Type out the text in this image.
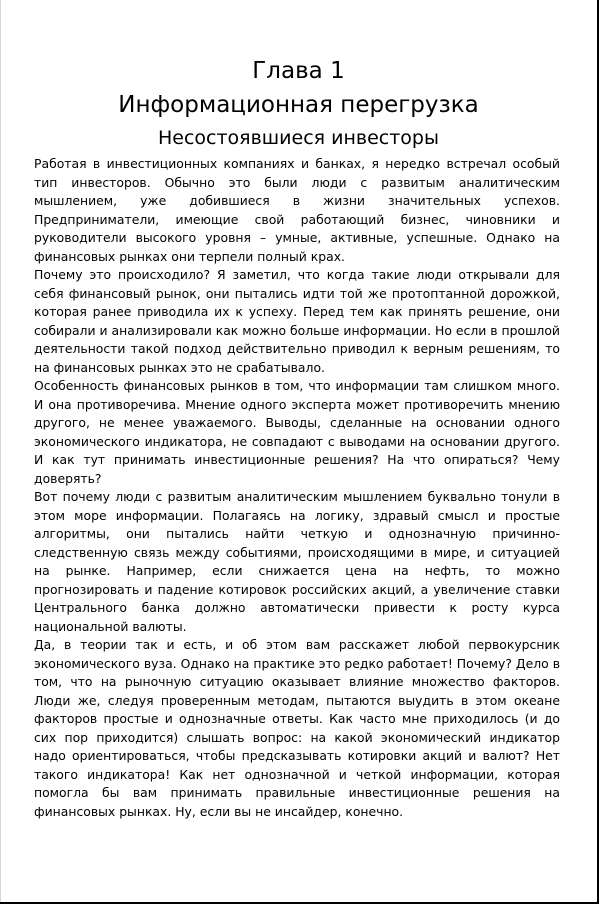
Глава 1
Информационная перегрузка
Несостоявшиеся инвесторы

Работая в инвестиционных компаниях и банках, я нередко встречал особый тип инвесторов. Обычно это были люди с развитым аналитическим мышлением, уже добившиеся в жизни значительных успехов. Предприниматели, имеющие свой работающий бизнес, чиновники и руководители высокого уровня – умные, активные, успешные. Однако на финансовых рынках они терпели полный крах.

Почему это происходило? Я заметил, что когда такие люди открывали для себя финансовый рынок, они пытались идти той же протоптанной дорожкой, которая ранее приводила их к успеху. Перед тем как принять решение, они собирали и анализировали как можно больше информации. Но если в прошлой деятельности такой подход действительно приводил к верным решениям, то на финансовых рынках это не срабатывало.

Особенность финансовых рынков в том, что информации там слишком много. И она противоречива. Мнение одного эксперта может противоречить мнению другого, не менее уважаемого. Выводы, сделанные на основании одного экономического индикатора, не совпадают с выводами на основании другого. И как тут принимать инвестиционные решения? На что опираться? Чему доверять?

Вот почему люди с развитым аналитическим мышлением буквально тонули в этом море информации. Полагаясь на логику, здравый смысл и простые алгоритмы, они пытались найти четкую и однозначную причинно-следственную связь между событиями, происходящими в мире, и ситуацией на рынке. Например, если снижается цена на нефть, то можно прогнозировать и падение котировок российских акций, а увеличение ставки Центрального банка должно автоматически привести к росту курса национальной валюты.

Да, в теории так и есть, и об этом вам расскажет любой первокурсник экономического вуза. Однако на практике это редко работает! Почему? Дело в том, что на рыночную ситуацию оказывает влияние множество факторов. Люди же, следуя проверенным методам, пытаются выудить в этом океане факторов простые и однозначные ответы. Как часто мне приходилось (и до сих пор приходится) слышать вопрос: на какой экономический индикатор надо ориентироваться, чтобы предсказывать котировки акций и валют? Нет такого индикатора! Как нет однозначной и четкой информации, которая помогла бы вам принимать правильные инвестиционные решения на финансовых рынках. Ну, если вы не инсайдер, конечно.
